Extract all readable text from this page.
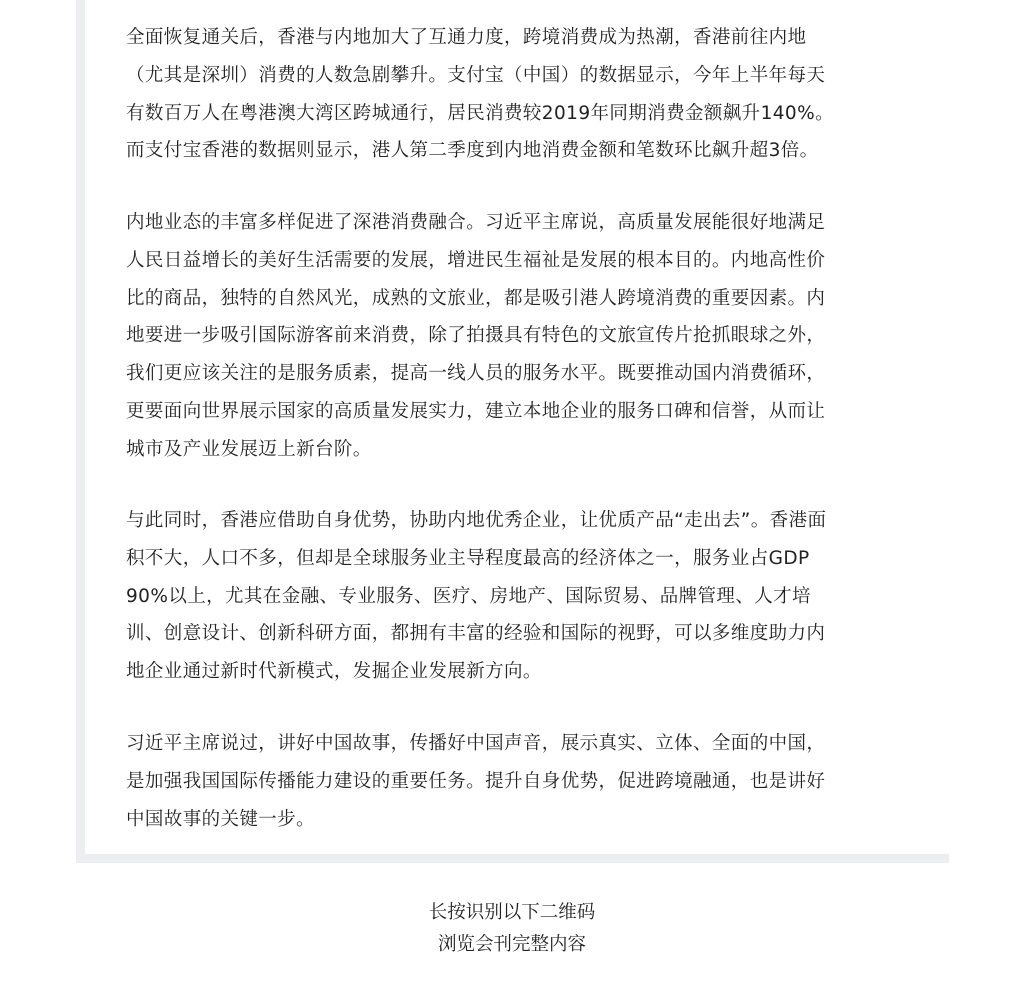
全面恢复通关后，香港与内地加大了互通力度，跨境消费成为热潮，香港前往内地
（尤其是深圳）消费的人数急剧攀升。支付宝（中国）的数据显示，今年上半年每天
有数百万人在粤港澳大湾区跨城通行，居民消费较2019年同期消费金额飙升140%。
而支付宝香港的数据则显示，港人第二季度到内地消费金额和笔数环比飙升超3倍。

内地业态的丰富多样促进了深港消费融合。习近平主席说，高质量发展能很好地满足
人民日益增长的美好生活需要的发展，增进民生福祉是发展的根本目的。内地高性价
比的商品，独特的自然风光，成熟的文旅业，都是吸引港人跨境消费的重要因素。内
地要进一步吸引国际游客前来消费，除了拍摄具有特色的文旅宣传片抢抓眼球之外，
我们更应该关注的是服务质素，提高一线人员的服务水平。既要推动国内消费循环，
更要面向世界展示国家的高质量发展实力，建立本地企业的服务口碑和信誉，从而让
城市及产业发展迈上新台阶。

与此同时，香港应借助自身优势，协助内地优秀企业，让优质产品“走出去”。香港面
积不大，人口不多，但却是全球服务业主导程度最高的经济体之一，服务业占GDP
90%以上，尤其在金融、专业服务、医疗、房地产、国际贸易、品牌管理、人才培
训、创意设计、创新科研方面，都拥有丰富的经验和国际的视野，可以多维度助力内
地企业通过新时代新模式，发掘企业发展新方向。

习近平主席说过，讲好中国故事，传播好中国声音，展示真实、立体、全面的中国，
是加强我国国际传播能力建设的重要任务。提升自身优势，促进跨境融通，也是讲好
中国故事的关键一步。

长按识别以下二维码
浏览会刊完整内容
